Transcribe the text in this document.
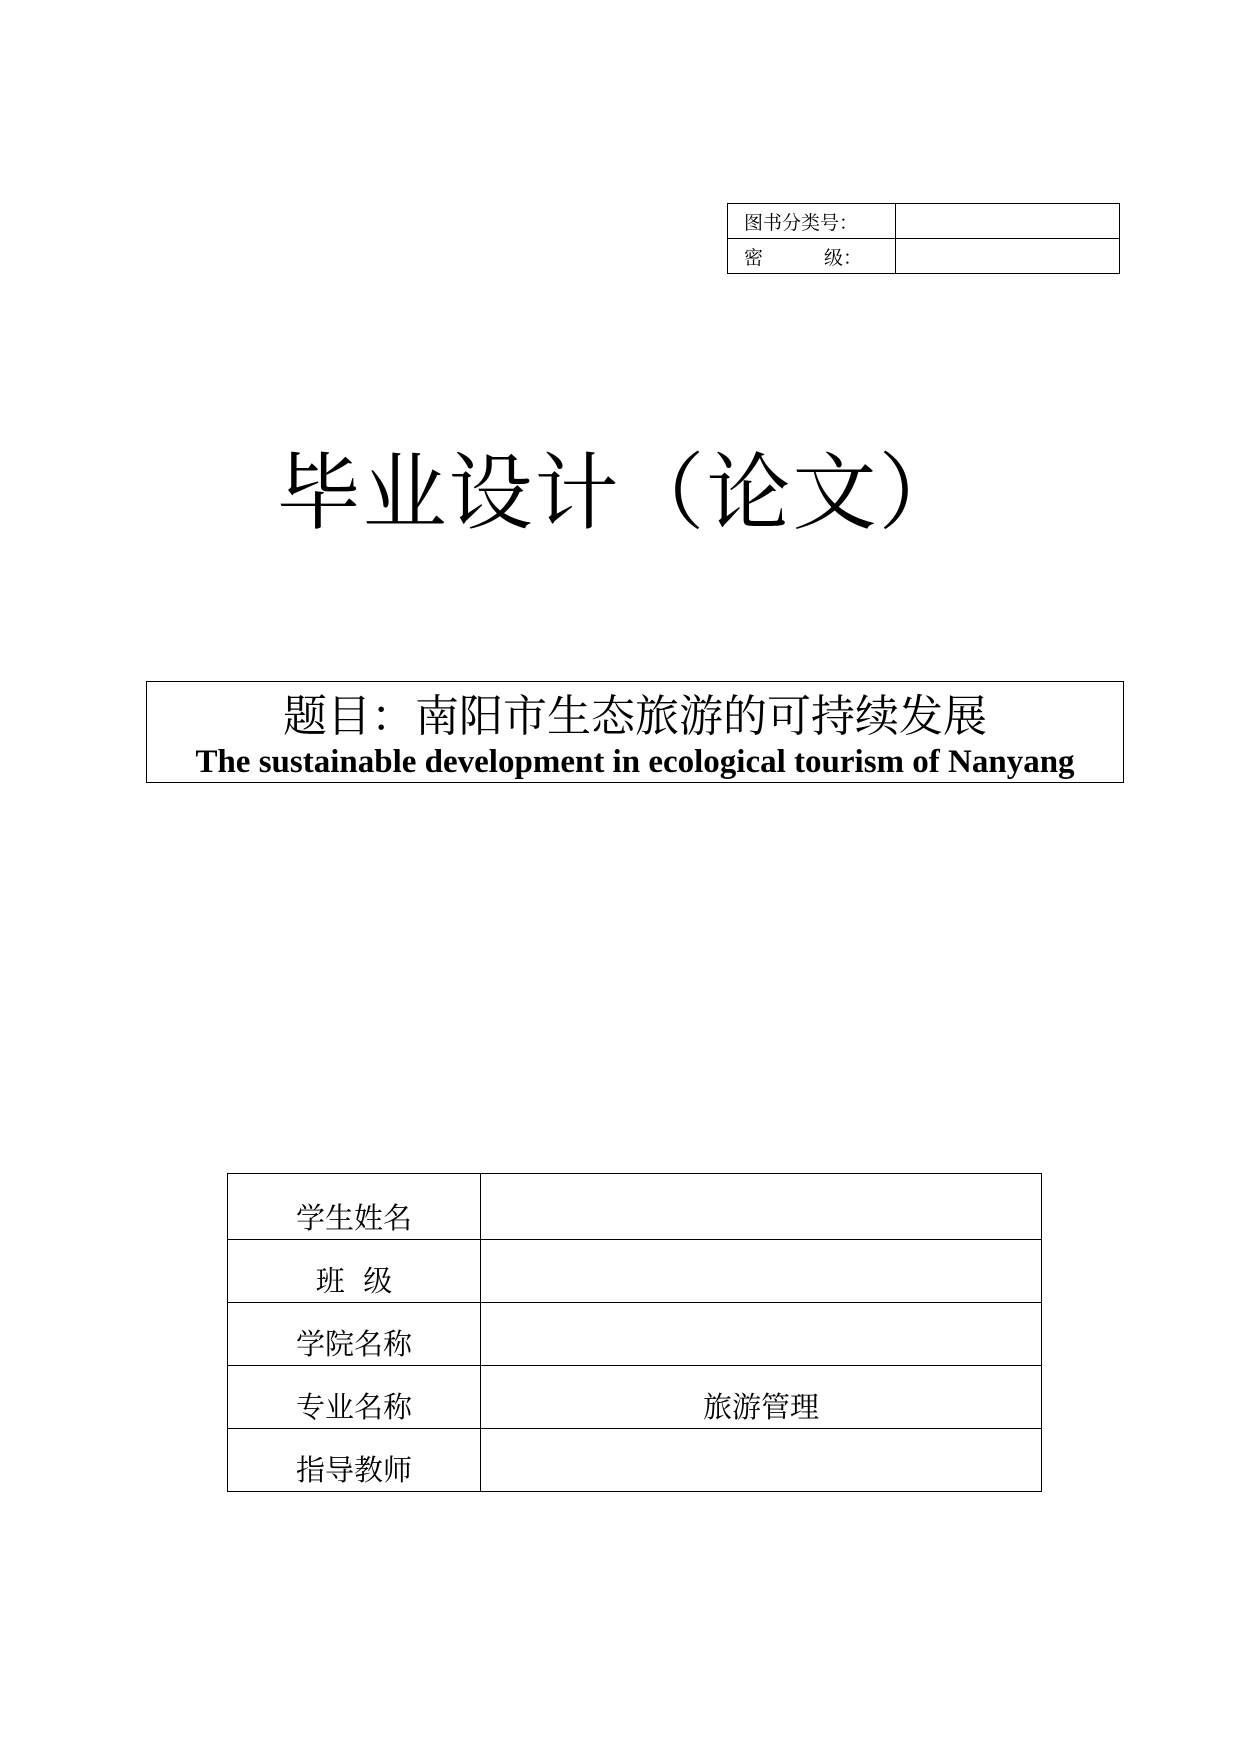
图书分类号：	

密 级：	

毕业设计（论文）
题目：南阳市生态旅游的可持续发展
The sustainable development in ecological tourism of Nanyang
学生姓名	
班  级	
学院名称	
专业名称	旅游管理
指导教师	
